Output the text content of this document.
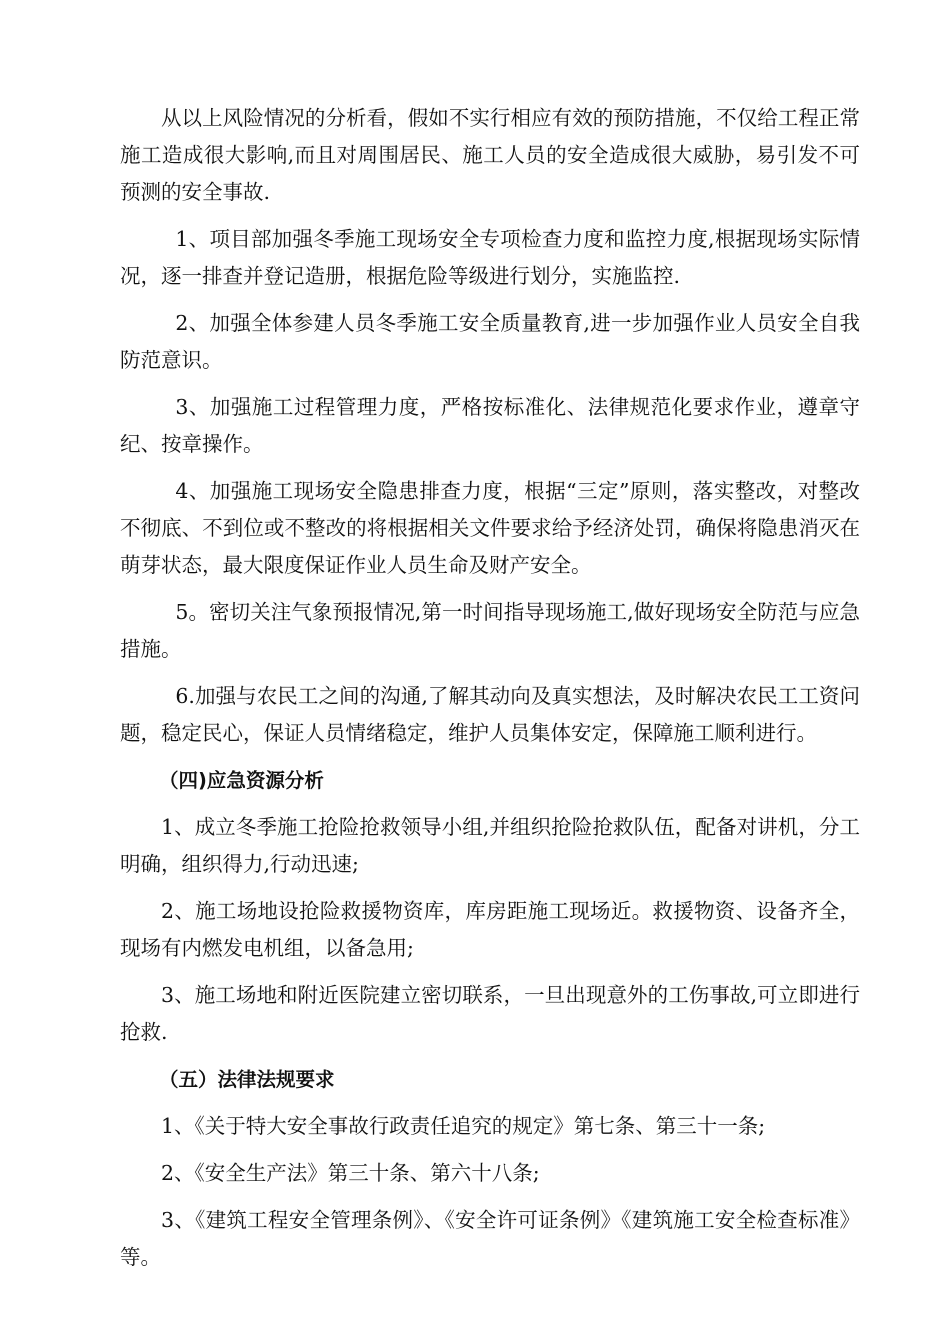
从以上风险情况的分析看，假如不实行相应有效的预防措施，不仅给工程正常施工造成很大影响,而且对周围居民、施工人员的安全造成很大威胁，易引发不可预测的安全事故.

1、项目部加强冬季施工现场安全专项检查力度和监控力度,根据现场实际情况，逐一排查并登记造册，根据危险等级进行划分，实施监控.

2、加强全体参建人员冬季施工安全质量教育,进一步加强作业人员安全自我防范意识。

3、加强施工过程管理力度，严格按标准化、法律规范化要求作业，遵章守纪、按章操作。

4、加强施工现场安全隐患排查力度，根据“三定”原则，落实整改，对整改不彻底、不到位或不整改的将根据相关文件要求给予经济处罚，确保将隐患消灭在萌芽状态，最大限度保证作业人员生命及财产安全。

5。密切关注气象预报情况,第一时间指导现场施工,做好现场安全防范与应急措施。

6.加强与农民工之间的沟通,了解其动向及真实想法，及时解决农民工工资问题，稳定民心，保证人员情绪稳定，维护人员集体安定，保障施工顺利进行。

（四)应急资源分析

1、成立冬季施工抢险抢救领导小组,并组织抢险抢救队伍，配备对讲机，分工明确，组织得力,行动迅速;

2、施工场地设抢险救援物资库，库房距施工现场近。救援物资、设备齐全，现场有内燃发电机组，以备急用;

3、施工场地和附近医院建立密切联系，一旦出现意外的工伤事故,可立即进行抢救.

（五）法律法规要求

1、《关于特大安全事故行政责任追究的规定》第七条、第三十一条;

2、《安全生产法》第三十条、第六十八条;

3、《建筑工程安全管理条例》、《安全许可证条例》《建筑施工安全检查标准》等。
